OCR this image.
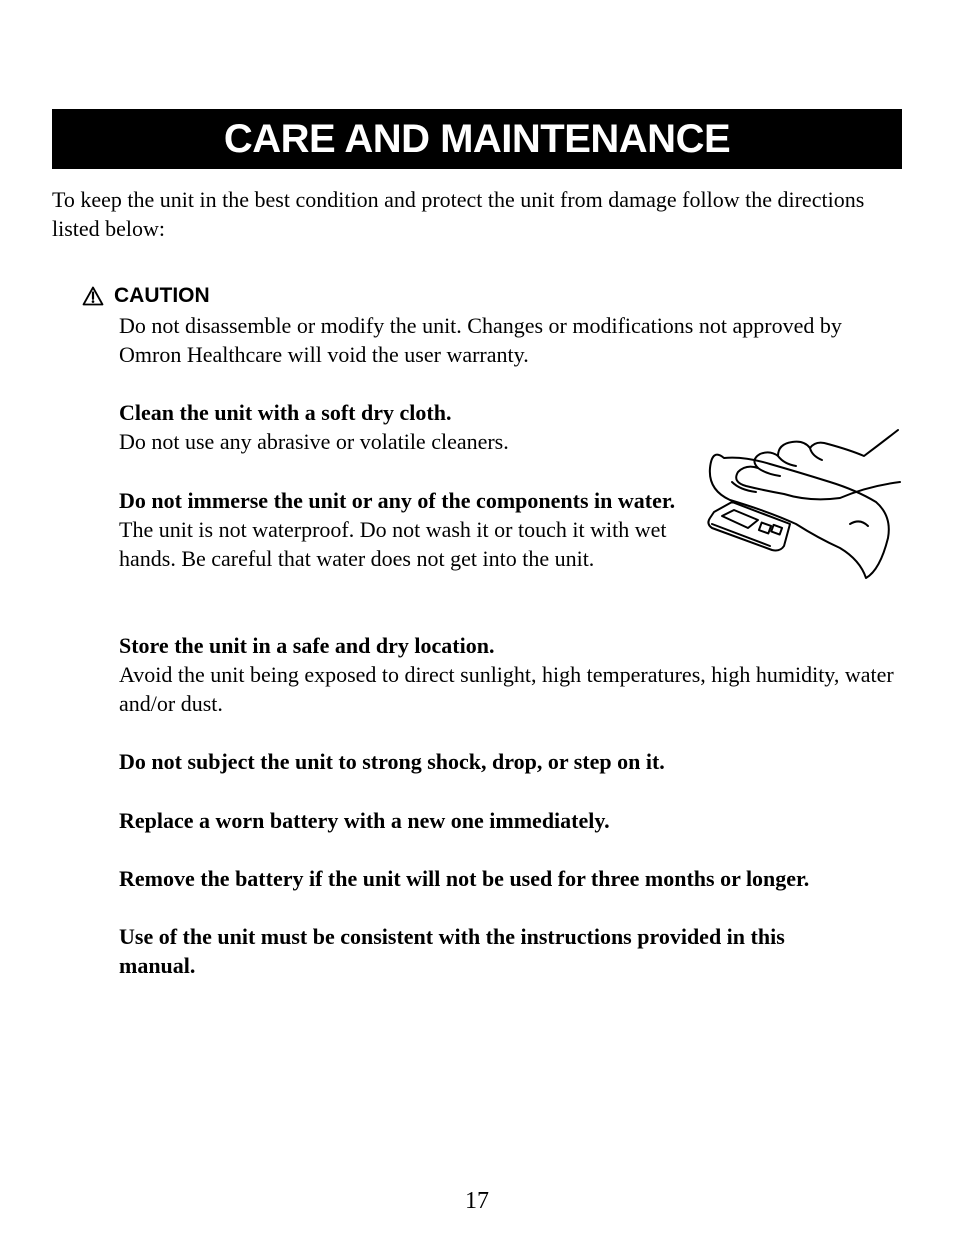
CARE AND MAINTENANCE

To keep the unit in the best condition and protect the unit from damage follow the directions listed below:

CAUTION

Do not disassemble or modify the unit. Changes or modifications not approved by Omron Healthcare will void the user warranty.

Clean the unit with a soft dry cloth.
Do not use any abrasive or volatile cleaners.
Do not immerse the unit or any of the components in water.
The unit is not waterproof. Do not wash it or touch it with wet hands. Be careful that water does not get into the unit.
Store the unit in a safe and dry location.
Avoid the unit being exposed to direct sunlight, high temperatures, high humidity, water and/or dust.
Do not subject the unit to strong shock, drop, or step on it.
Replace a worn battery with a new one immediately.
Remove the battery if the unit will not be used for three months or longer.
Use of the unit must be consistent with the instructions provided in this manual.
17
